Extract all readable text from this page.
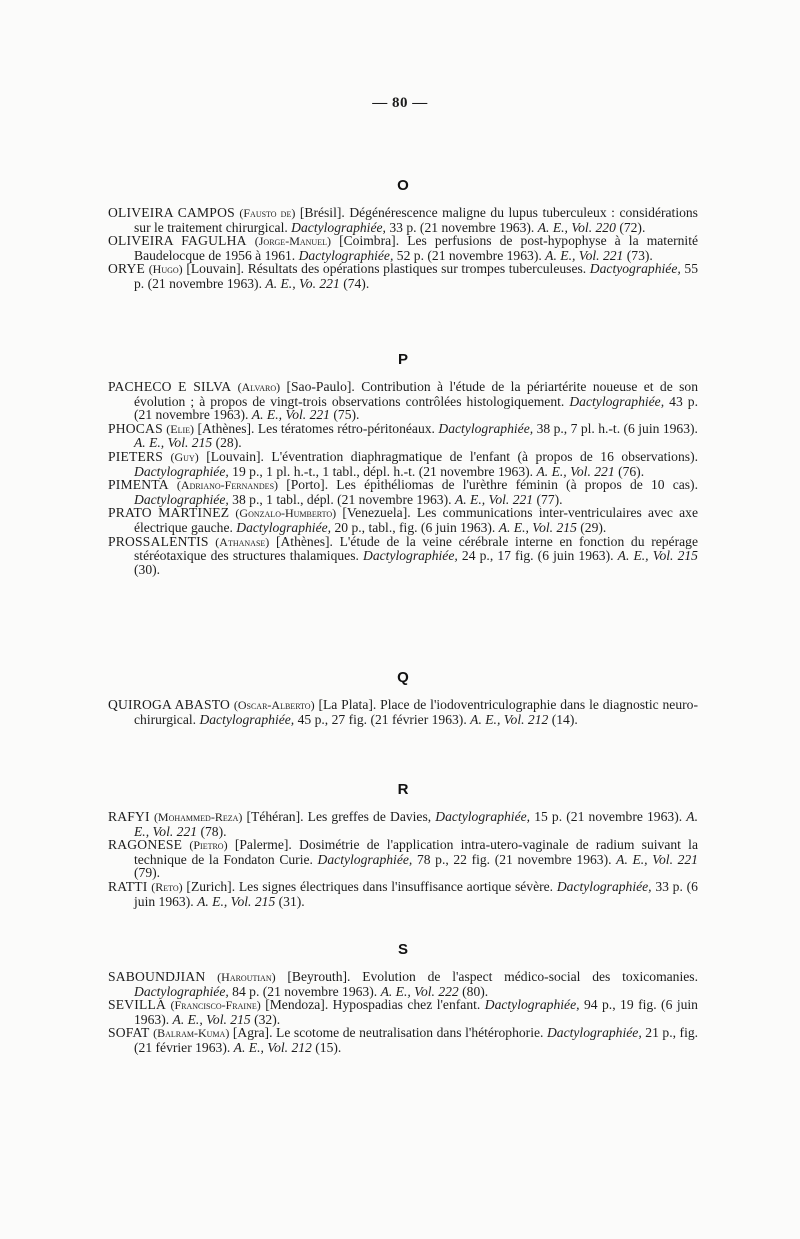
— 80 —
O

OLIVEIRA CAMPOS (Fausto de) [Brésil]. Dégénérescence maligne du lupus tuberculeux : considérations sur le traitement chirurgical. Dactylographiée, 33 p. (21 novembre 1963). A. E., Vol. 220 (72).

OLIVEIRA FAGULHA (Jorge-Manuel) [Coimbra]. Les perfusions de post-hypophyse à la maternité Baudelocque de 1956 à 1961. Dactylographiée, 52 p. (21 novembre 1963). A. E., Vol. 221 (73).

ORYE (Hugo) [Louvain]. Résultats des opérations plastiques sur trompes tuberculeuses. Dactyographiée, 55 p. (21 novembre 1963). A. E., Vo. 221 (74).

P

PACHECO E SILVA (Alvaro) [Sao-Paulo]. Contribution à l'étude de la périartérite noueuse et de son évolution ; à propos de vingt-trois observations contrôlées histologiquement. Dactylographiée, 43 p. (21 novembre 1963). A. E., Vol. 221 (75).

PHOCAS (Elie) [Athènes]. Les tératomes rétro-péritonéaux. Dactylographiée, 38 p., 7 pl. h.-t. (6 juin 1963). A. E., Vol. 215 (28).

PIETERS (Guy) [Louvain]. L'éventration diaphragmatique de l'enfant (à propos de 16 observations). Dactylographiée, 19 p., 1 pl. h.-t., 1 tabl., dépl. h.-t. (21 novembre 1963). A. E., Vol. 221 (76).

PIMENTA (Adriano-Fernandes) [Porto]. Les épithéliomas de l'urèthre féminin (à propos de 10 cas). Dactylographiée, 38 p., 1 tabl., dépl. (21 novembre 1963). A. E., Vol. 221 (77).

PRATO MARTINEZ (Gonzalo-Humberto) [Venezuela]. Les communications inter-ventriculaires avec axe électrique gauche. Dactylographiée, 20 p., tabl., fig. (6 juin 1963). A. E., Vol. 215 (29).

PROSSALENTIS (Athanase) [Athènes]. L'étude de la veine cérébrale interne en fonction du repérage stéréotaxique des structures thalamiques. Dactylographiée, 24 p., 17 fig. (6 juin 1963). A. E., Vol. 215 (30).

Q

QUIROGA ABASTO (Oscar-Alberto) [La Plata]. Place de l'iodoventriculographie dans le diagnostic neuro-chirurgical. Dactylographiée, 45 p., 27 fig. (21 février 1963). A. E., Vol. 212 (14).

R

RAFYI (Mohammed-Reza) [Téhéran]. Les greffes de Davies, Dactylographiée, 15 p. (21 novembre 1963). A. E., Vol. 221 (78).

RAGONESE (Pietro) [Palerme]. Dosimétrie de l'application intra-utero-vaginale de radium suivant la technique de la Fondaton Curie. Dactylographiée, 78 p., 22 fig. (21 novembre 1963). A. E., Vol. 221 (79).

RATTI (Reto) [Zurich]. Les signes électriques dans l'insuffisance aortique sévère. Dactylographiée, 33 p. (6 juin 1963). A. E., Vol. 215 (31).

S

SABOUNDJIAN (Haroutian) [Beyrouth]. Evolution de l'aspect médico-social des toxicomanies. Dactylographiée, 84 p. (21 novembre 1963). A. E., Vol. 222 (80).

SEVILLA (Francisco-Fraine) [Mendoza]. Hypospadias chez l'enfant. Dactylographiée, 94 p., 19 fig. (6 juin 1963). A. E., Vol. 215 (32).

SOFAT (Balram-Kuma) [Agra]. Le scotome de neutralisation dans l'hétérophorie. Dactylographiée, 21 p., fig. (21 février 1963). A. E., Vol. 212 (15).
